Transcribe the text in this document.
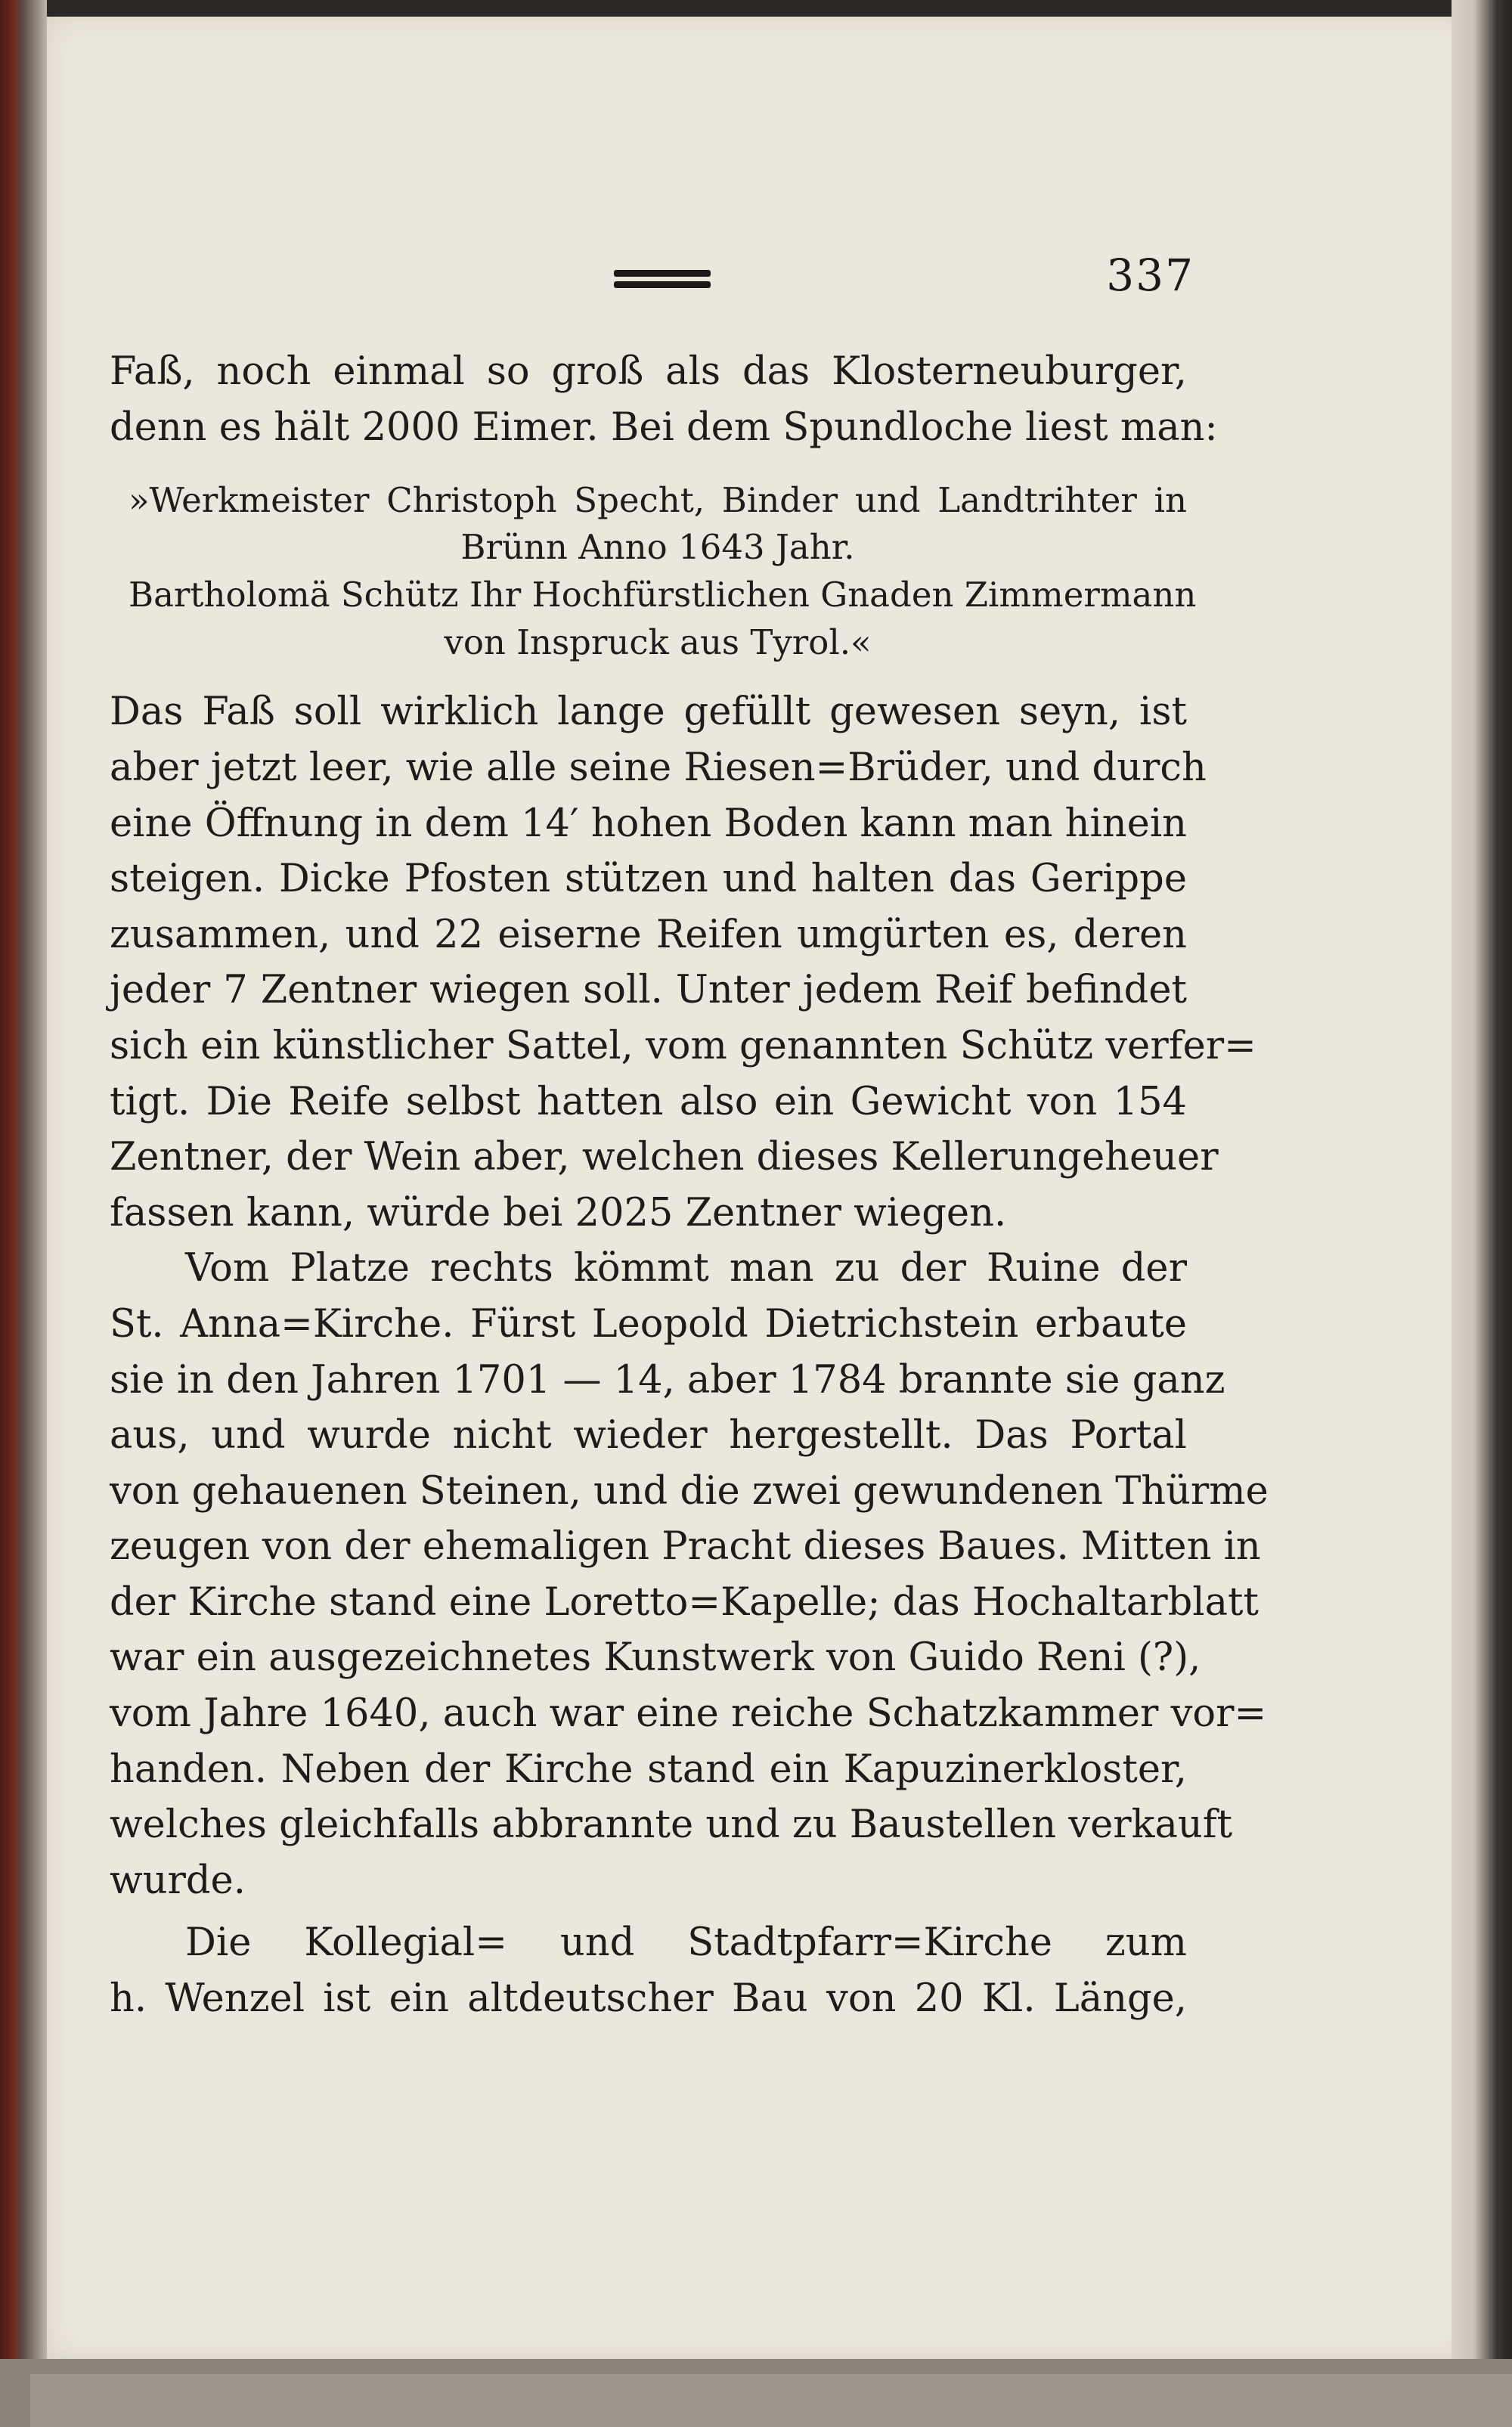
337
Faß, noch einmal so groß als das Klosterneuburger,
denn es hält 2000 Eimer. Bei dem Spundloche liest man:
»Werkmeister Christoph Specht, Binder und Landtrihter in
Brünn Anno 1643 Jahr.
Bartholomä Schütz Ihr Hochfürstlichen Gnaden Zimmermann
von Inspruck aus Tyrol.«
Das Faß soll wirklich lange gefüllt gewesen seyn, ist
aber jetzt leer, wie alle seine Riesen=Brüder, und durch
eine Öffnung in dem 14′ hohen Boden kann man hinein
steigen. Dicke Pfosten stützen und halten das Gerippe
zusammen, und 22 eiserne Reifen umgürten es, deren
jeder 7 Zentner wiegen soll. Unter jedem Reif befindet
sich ein künstlicher Sattel, vom genannten Schütz verfer=
tigt. Die Reife selbst hatten also ein Gewicht von 154
Zentner, der Wein aber, welchen dieses Kellerungeheuer
fassen kann, würde bei 2025 Zentner wiegen.
Vom Platze rechts kömmt man zu der Ruine der
St. Anna=Kirche. Fürst Leopold Dietrichstein erbaute
sie in den Jahren 1701 — 14, aber 1784 brannte sie ganz
aus, und wurde nicht wieder hergestellt. Das Portal
von gehauenen Steinen, und die zwei gewundenen Thürme
zeugen von der ehemaligen Pracht dieses Baues. Mitten in
der Kirche stand eine Loretto=Kapelle; das Hochaltarblatt
war ein ausgezeichnetes Kunstwerk von Guido Reni (?),
vom Jahre 1640, auch war eine reiche Schatzkammer vor=
handen. Neben der Kirche stand ein Kapuzinerkloster,
welches gleichfalls abbrannte und zu Baustellen verkauft
wurde.
Die Kollegial= und Stadtpfarr=Kirche zum
h. Wenzel ist ein altdeutscher Bau von 20 Kl. Länge,
